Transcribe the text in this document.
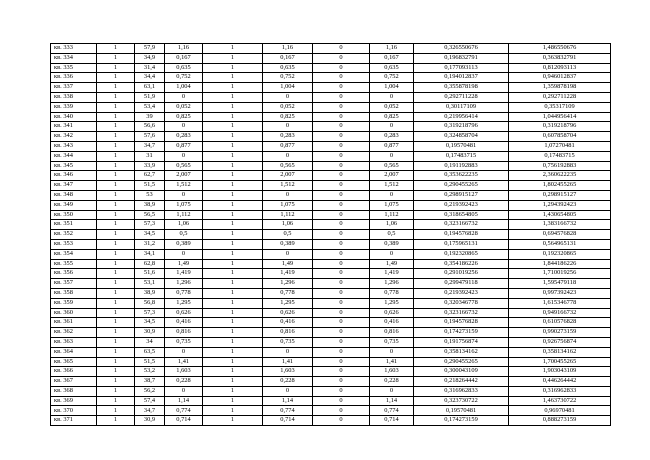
кв. 333	1	57,9	1,16	1	1,16	0	1,16	0,326550676	1,486550676
кв. 334	1	34,9	0,167	1	0,167	0	0,167	0,196832791	0,363832791
кв. 335	1	31,4	0,635	1	0,635	0	0,635	0,177093113	0,812093113
кв. 336	1	34,4	0,752	1	0,752	0	0,752	0,194012837	0,946012837
кв. 337	1	63,1	1,004	1	1,004	0	1,004	0,355878198	1,359878198
кв. 338	1	51,9	0	1	0	0	0	0,292711228	0,292711228
кв. 339	1	53,4	0,052	1	0,052	0	0,052	0,30117109	0,35317109
кв. 340	1	39	0,825	1	0,825	0	0,825	0,219956414	1,044956414
кв. 341	1	56,6	0	1	0	0	0	0,319218796	0,319218796
кв. 342	1	57,6	0,283	1	0,283	0	0,283	0,324858704	0,607858704
кв. 343	1	34,7	0,877	1	0,877	0	0,877	0,19570481	1,07270481
кв. 344	1	31	0	1	0	0	0	0,17483715	0,17483715
кв. 345	1	33,9	0,565	1	0,565	0	0,565	0,191192883	0,756192883
кв. 346	1	62,7	2,007	1	2,007	0	2,007	0,353622235	2,360622235
кв. 347	1	51,5	1,512	1	1,512	0	1,512	0,290455265	1,802455265
кв. 348	1	53	0	1	0	0	0	0,298915127	0,298915127
кв. 349	1	38,9	1,075	1	1,075	0	1,075	0,219392423	1,294392423
кв. 350	1	56,5	1,112	1	1,112	0	1,112	0,318654805	1,430654805
кв. 351	1	57,3	1,06	1	1,06	0	1,06	0,323166732	1,383166732
кв. 352	1	34,5	0,5	1	0,5	0	0,5	0,194576828	0,694576828
кв. 353	1	31,2	0,389	1	0,389	0	0,389	0,175965131	0,564965131
кв. 354	1	34,1	0	1	0	0	0	0,192320865	0,192320865
кв. 355	1	62,8	1,49	1	1,49	0	1,49	0,354186226	1,844186226
кв. 356	1	51,6	1,419	1	1,419	0	1,419	0,291019256	1,710019256
кв. 357	1	53,1	1,296	1	1,296	0	1,296	0,299479118	1,595479118
кв. 358	1	38,9	0,778	1	0,778	0	0,778	0,219392423	0,997392423
кв. 359	1	56,8	1,295	1	1,295	0	1,295	0,320346778	1,615346778
кв. 360	1	57,3	0,626	1	0,626	0	0,626	0,323166732	0,949166732
кв. 361	1	34,5	0,416	1	0,416	0	0,416	0,194576828	0,610576828
кв. 362	1	30,9	0,816	1	0,816	0	0,816	0,174273159	0,990273159
кв. 363	1	34	0,735	1	0,735	0	0,735	0,191756874	0,926756874
кв. 364	1	63,5	0	1	0	0	0	0,358134162	0,358134162
кв. 365	1	51,5	1,41	1	1,41	0	1,41	0,290455265	1,700455265
кв. 366	1	53,2	1,603	1	1,603	0	1,603	0,300043109	1,903043109
кв. 367	1	38,7	0,228	1	0,228	0	0,228	0,218264442	0,446264442
кв. 368	1	56,2	0	1	0	0	0	0,316962833	0,316962833
кв. 369	1	57,4	1,14	1	1,14	0	1,14	0,323730722	1,463730722
кв. 370	1	34,7	0,774	1	0,774	0	0,774	0,19570481	0,96970481
кв. 371	1	30,9	0,714	1	0,714	0	0,714	0,174273159	0,888273159
